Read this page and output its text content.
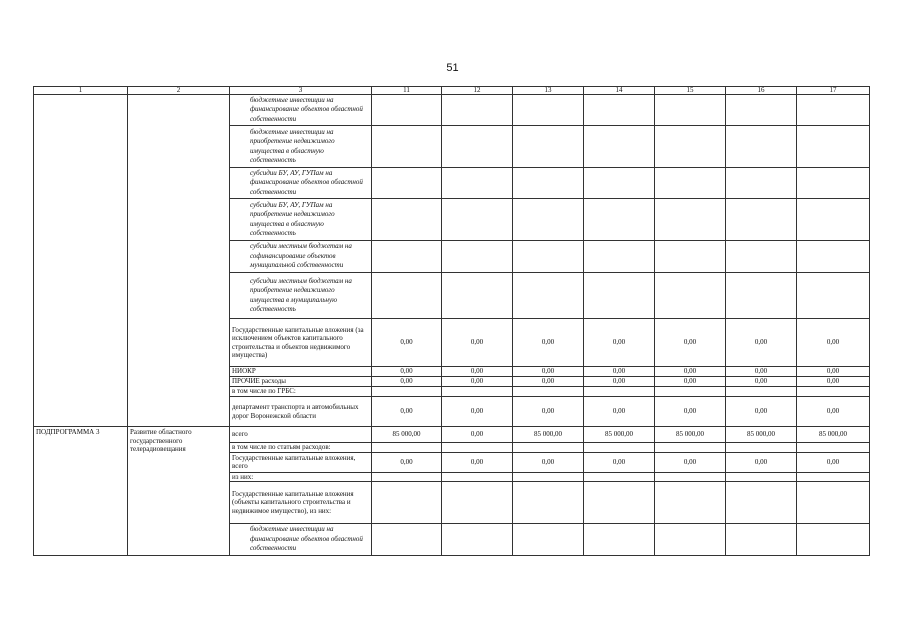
51
1	2	3	11	12	13	14	15	16	17
		бюджетные инвестиции на финансирование объектов областной собственности							
		бюджетные инвестиции на приобретение недвижимого имущества в областную собственность							
		субсидии БУ, АУ, ГУПам на финансирование объектов областной собственности							
		субсидии БУ, АУ, ГУПам на приобретение недвижимого имущества в областную собственность							
		субсидии местным бюджетам на софинансирование объектов муниципальной собственности							
		субсидии местным бюджетам на приобретение недвижимого имущества в муниципальную собственность							
		Государственные капитальные вложения (за исключением объектов капитального строительства и объектов недвижимого имущества)	0,00	0,00	0,00	0,00	0,00	0,00	0,00
		НИОКР	0,00	0,00	0,00	0,00	0,00	0,00	0,00
		ПРОЧИЕ расходы	0,00	0,00	0,00	0,00	0,00	0,00	0,00
		в том числе по ГРБС:							
		департамент транспорта и автомобильных дорог Воронежской области	0,00	0,00	0,00	0,00	0,00	0,00	0,00
ПОДПРОГРАММА 3	Развитие областного государственного телерадиовещания	всего	85 000,00	0,00	85 000,00	85 000,00	85 000,00	85 000,00	85 000,00
		в том числе по статьям расходов:							
		Государственные капитальные вложения, всего	0,00	0,00	0,00	0,00	0,00	0,00	0,00
		из них:							
		Государственные капитальные вложения (объекты капитального строительства и недвижимое имущество), из них:							
		бюджетные инвестиции на финансирование объектов областной собственности							
